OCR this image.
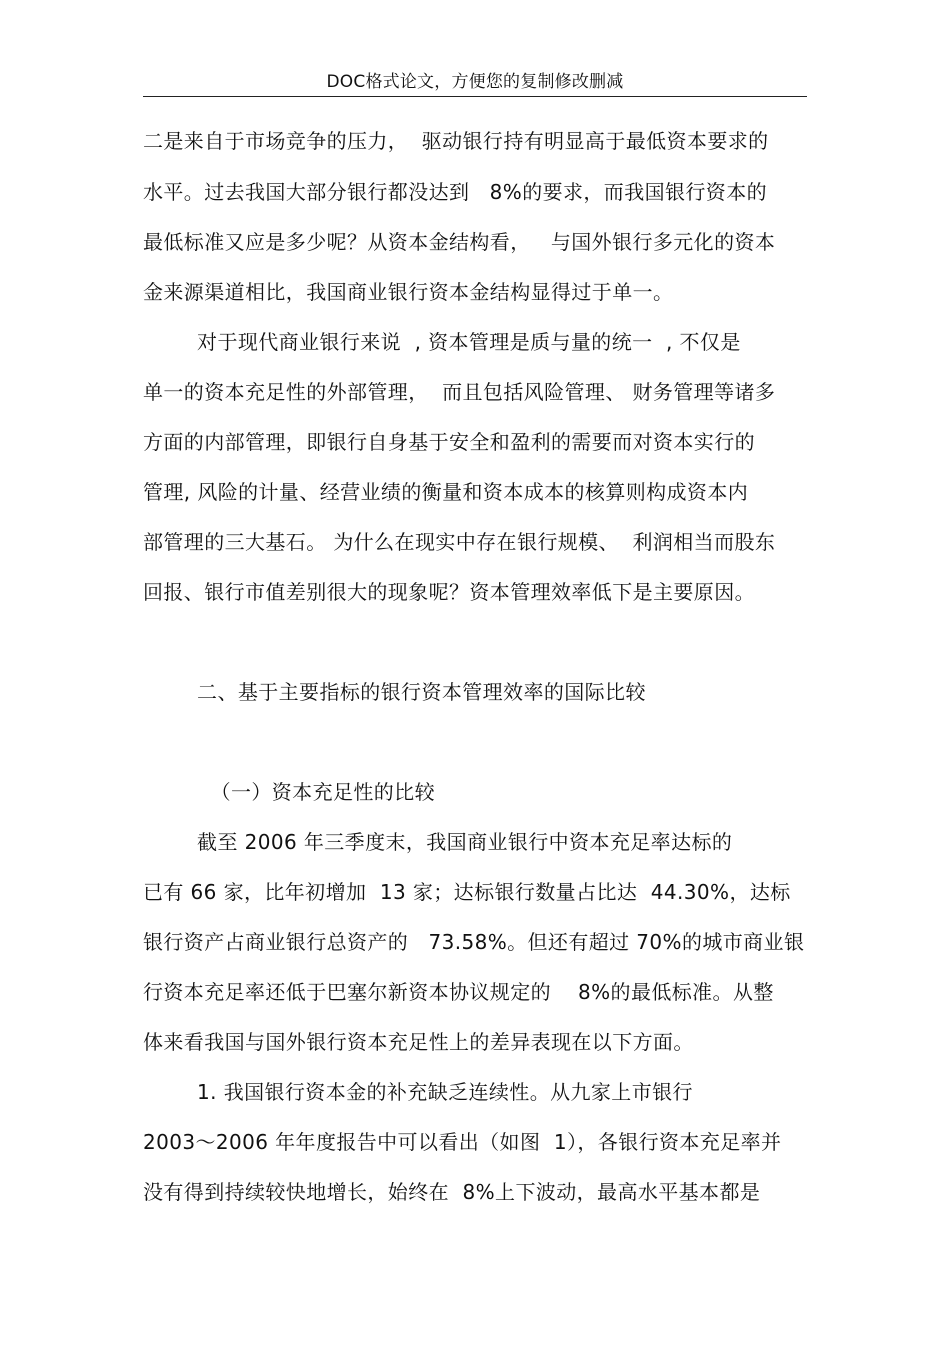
DOC格式论文，方便您的复制修改删减
二是来自于市场竞争的压力，  驱动银行持有明显高于最低资本要求的
水平。过去我国大部分银行都没达到   8%的要求，而我国银行资本的
最低标准又应是多少呢？从资本金结构看，   与国外银行多元化的资本
金来源渠道相比，我国商业银行资本金结构显得过于单一。
对于现代商业银行来说  , 资本管理是质与量的统一  , 不仅是
单一的资本充足性的外部管理，  而且包括风险管理、 财务管理等诸多
方面的内部管理，即银行自身基于安全和盈利的需要而对资本实行的
管理, 风险的计量、经营业绩的衡量和资本成本的核算则构成资本内
部管理的三大基石。 为什么在现实中存在银行规模、  利润相当而股东
回报、银行市值差别很大的现象呢？资本管理效率低下是主要原因。
二、基于主要指标的银行资本管理效率的国际比较
（一）资本充足性的比较
截至 2006 年三季度末，我国商业银行中资本充足率达标的
已有 66 家，比年初增加  13 家；达标银行数量占比达  44.30%，达标
银行资产占商业银行总资产的   73.58%。但还有超过 70%的城市商业银
行资本充足率还低于巴塞尔新资本协议规定的    8%的最低标准。从整
体来看我国与国外银行资本充足性上的差异表现在以下方面。
1. 我国银行资本金的补充缺乏连续性。从九家上市银行
2003～2006 年年度报告中可以看出（如图  1），各银行资本充足率并
没有得到持续较快地增长，始终在  8%上下波动，最高水平基本都是
